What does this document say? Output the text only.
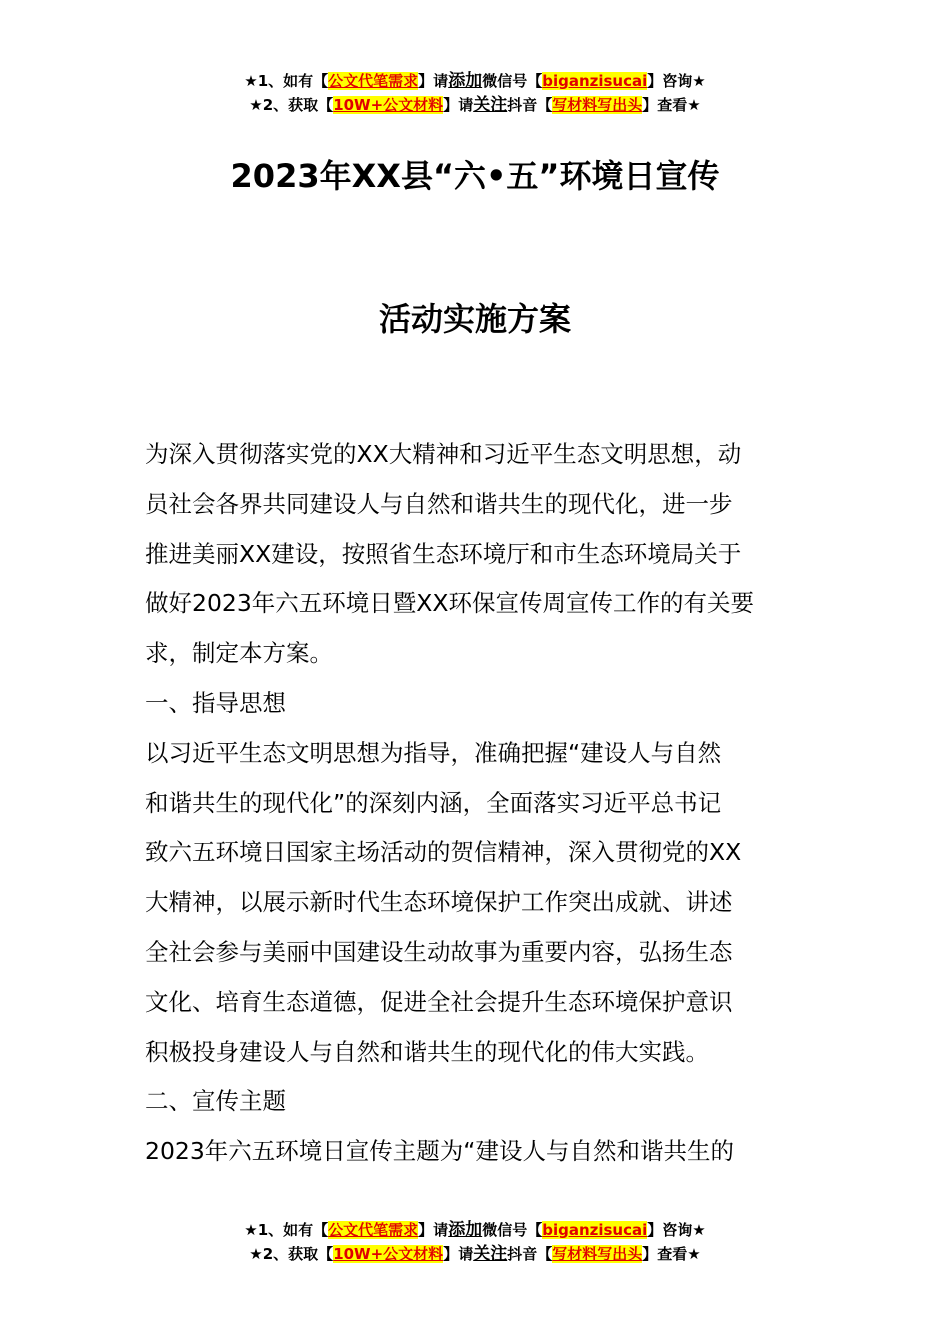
★1、如有【公文代笔需求】请添加微信号【biganzisucai】咨询★
★2、获取【10W+公文材料】请关注抖音【写材料写出头】查看★
2023年XX县“六•五”环境日宣传
活动实施方案
为深入贯彻落实党的XX大精神和习近平生态文明思想，动
员社会各界共同建设人与自然和谐共生的现代化，进一步
推进美丽XX建设，按照省生态环境厅和市生态环境局关于
做好2023年六五环境日暨XX环保宣传周宣传工作的有关要
求，制定本方案。
一、指导思想
以习近平生态文明思想为指导，准确把握“建设人与自然
和谐共生的现代化”的深刻内涵，全面落实习近平总书记
致六五环境日国家主场活动的贺信精神，深入贯彻党的XX
大精神，以展示新时代生态环境保护工作突出成就、讲述
全社会参与美丽中国建设生动故事为重要内容，弘扬生态
文化、培育生态道德，促进全社会提升生态环境保护意识
积极投身建设人与自然和谐共生的现代化的伟大实践。
二、宣传主题
2023年六五环境日宣传主题为“建设人与自然和谐共生的
★1、如有【公文代笔需求】请添加微信号【biganzisucai】咨询★
★2、获取【10W+公文材料】请关注抖音【写材料写出头】查看★
